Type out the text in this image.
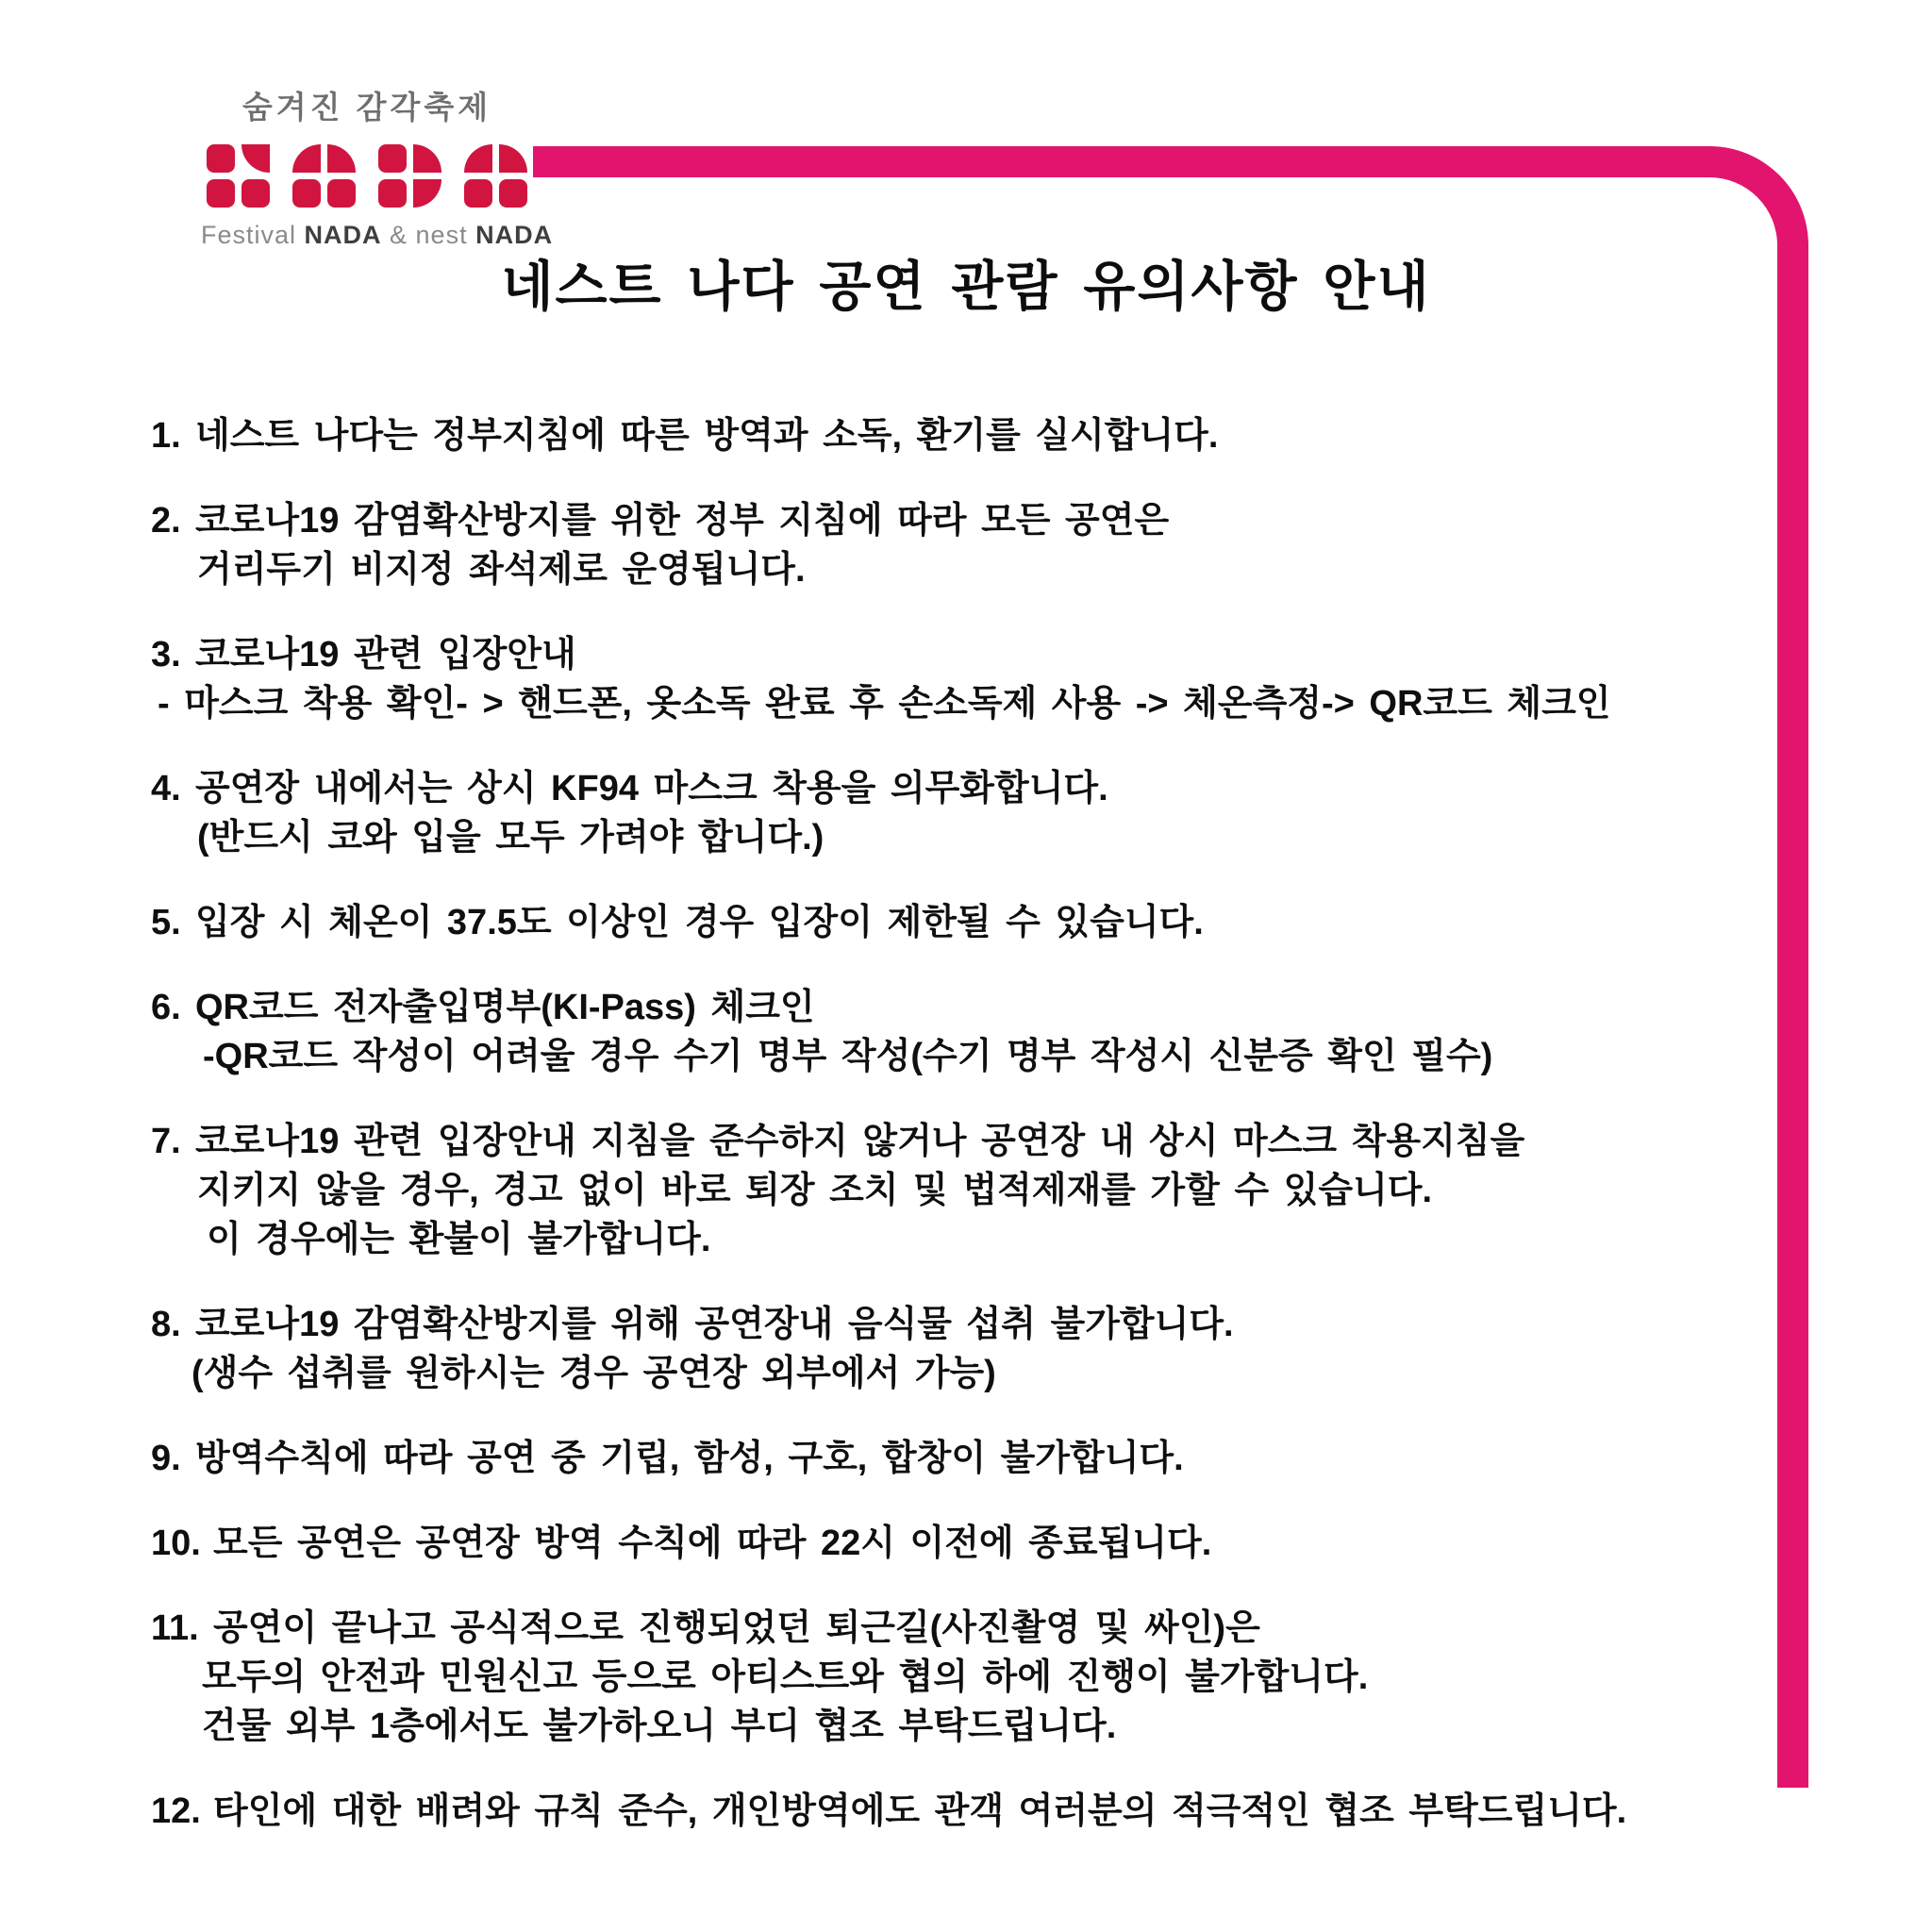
숨겨진 감각축제
Festival NADA & nest NADA
네스트 나다 공연 관람 유의사항 안내
1. 네스트 나다는 정부지침에 따른 방역과 소독, 환기를 실시합니다.
2. 코로나19 감염확산방지를 위한 정부 지침에 따라 모든 공연은
거리두기 비지정 좌석제로 운영됩니다.
3. 코로나19 관련 입장안내
- 마스크 착용 확인- > 핸드폰, 옷소독 완료 후 손소독제 사용 -> 체온측정-> QR코드 체크인
4. 공연장 내에서는 상시 KF94 마스크 착용을 의무화합니다.
(반드시 코와 입을 모두 가려야 합니다.)
5. 입장 시 체온이 37.5도 이상인 경우 입장이 제한될 수 있습니다.
6. QR코드 전자출입명부(KI-Pass) 체크인
-QR코드 작성이 어려울 경우 수기 명부 작성(수기 명부 작성시 신분증 확인 필수)
7. 코로나19 관련 입장안내 지침을 준수하지 않거나 공연장 내 상시 마스크 착용지침을
지키지 않을 경우, 경고 없이 바로 퇴장 조치 및 법적제재를 가할 수 있습니다.
이 경우에는 환불이 불가합니다.
8. 코로나19 감염확산방지를 위해 공연장내 음식물 섭취 불가합니다.
(생수 섭취를 원하시는 경우 공연장 외부에서 가능)
9. 방역수칙에 따라 공연 중 기립, 함성, 구호, 합창이 불가합니다.
10. 모든 공연은 공연장 방역 수칙에 따라 22시 이전에 종료됩니다.
11. 공연이 끝나고 공식적으로 진행되었던 퇴근길(사진촬영 및 싸인)은
모두의 안전과 민원신고 등으로 아티스트와 협의 하에 진행이 불가합니다.
건물 외부 1층에서도 불가하오니 부디 협조 부탁드립니다.
12. 타인에 대한 배려와 규칙 준수, 개인방역에도 관객 여러분의 적극적인 협조 부탁드립니다.
